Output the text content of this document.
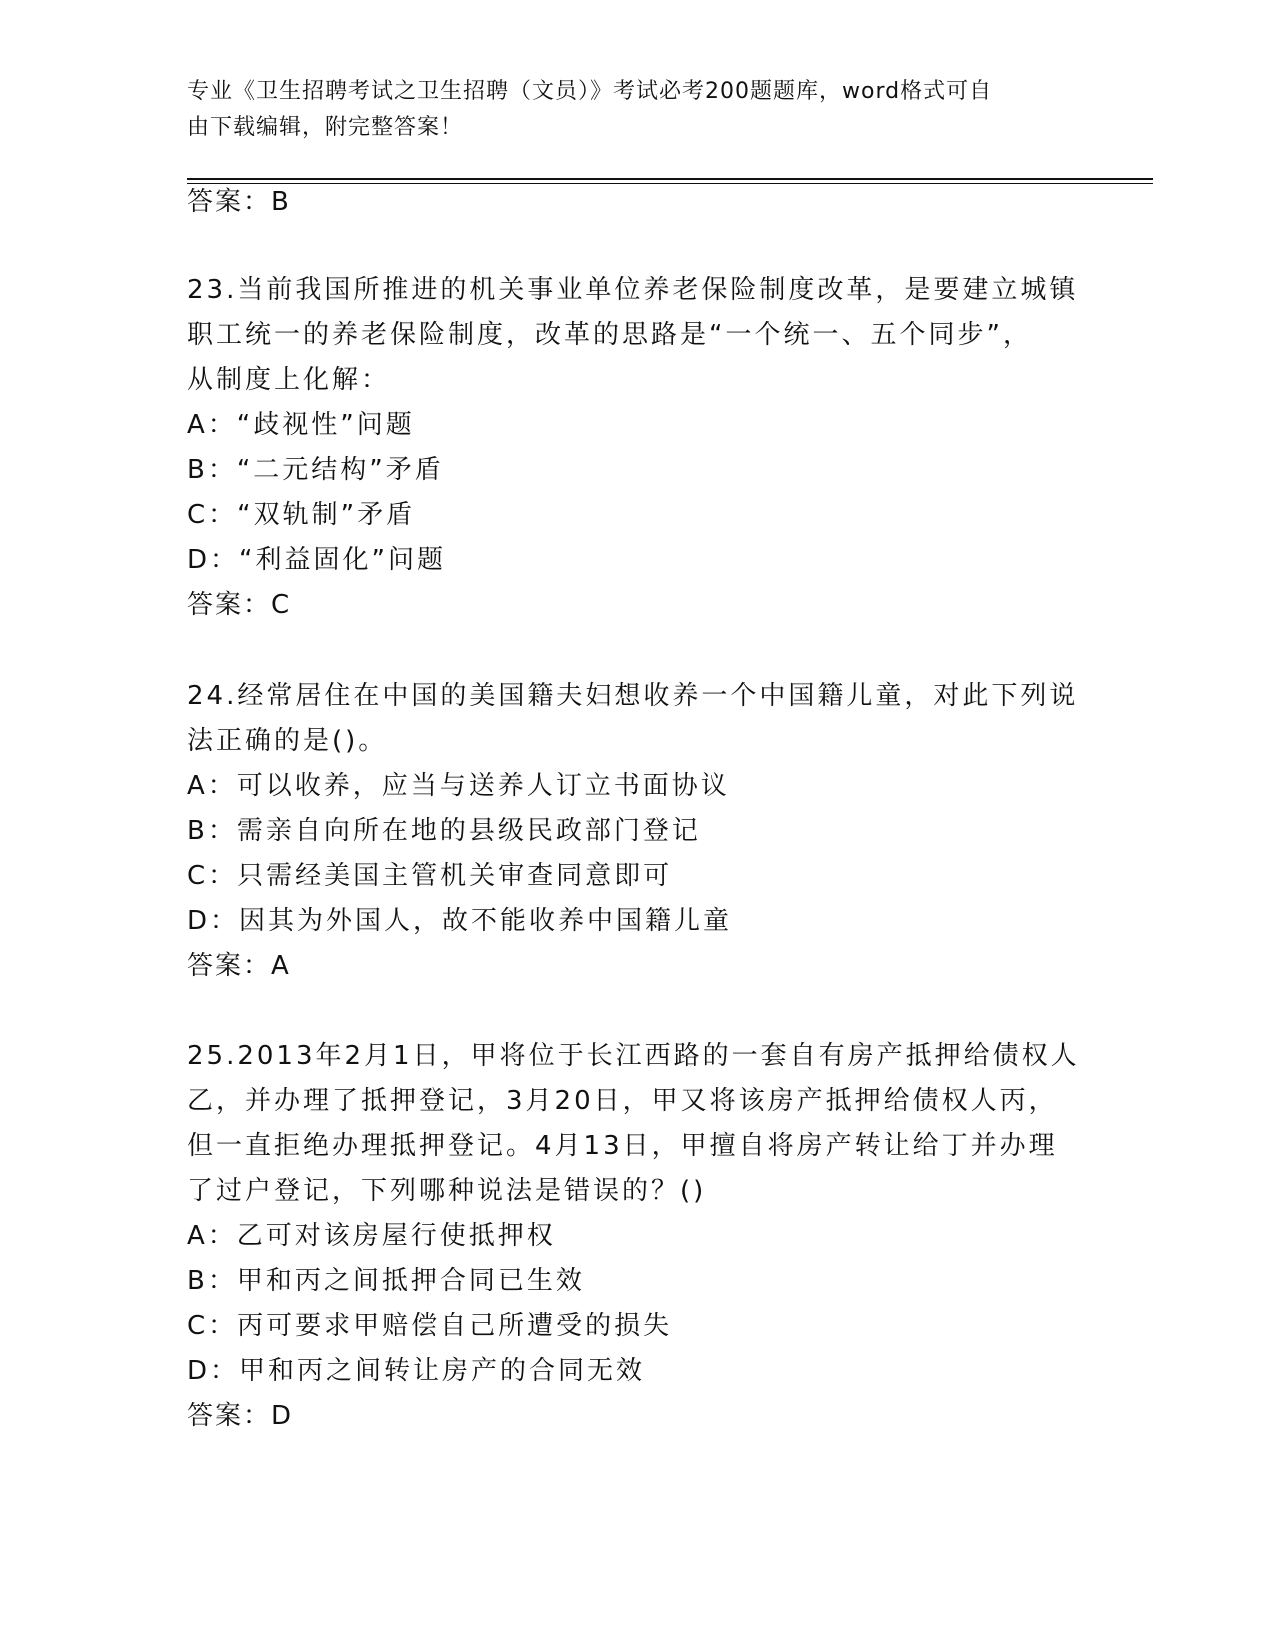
专业《卫生招聘考试之卫生招聘（文员）》考试必考200题题库，word格式可自
由下载编辑，附完整答案！
答案：B
23.当前我国所推进的机关事业单位养老保险制度改革，是要建立城镇
职工统一的养老保险制度，改革的思路是“一个统一、五个同步”，
从制度上化解：
A：“歧视性”问题
B：“二元结构”矛盾
C：“双轨制”矛盾
D：“利益固化”问题
答案：C
24.经常居住在中国的美国籍夫妇想收养一个中国籍儿童，对此下列说
法正确的是()。
A：可以收养，应当与送养人订立书面协议
B：需亲自向所在地的县级民政部门登记
C：只需经美国主管机关审查同意即可
D：因其为外国人，故不能收养中国籍儿童
答案：A
25.2013年2月1日，甲将位于长江西路的一套自有房产抵押给债权人
乙，并办理了抵押登记，3月20日，甲又将该房产抵押给债权人丙，
但一直拒绝办理抵押登记。4月13日，甲擅自将房产转让给丁并办理
了过户登记，下列哪种说法是错误的？()
A：乙可对该房屋行使抵押权
B：甲和丙之间抵押合同已生效
C：丙可要求甲赔偿自己所遭受的损失
D：甲和丙之间转让房产的合同无效
答案：D
